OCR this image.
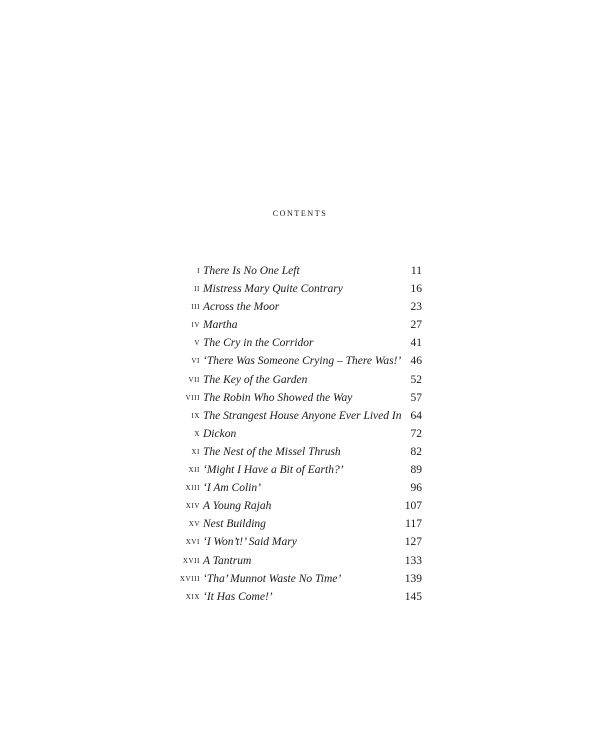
contents
i There Is No One Left	11
ii Mistress Mary Quite Contrary	16
iii Across the Moor	23
iv Martha	27
v The Cry in the Corridor	41
vi ‘There Was Someone Crying – There Was!’ 46
vii The Key of the Garden	52
viii The Robin Who Showed the Way	57
ix The Strangest House Anyone Ever Lived In 64
x Dickon	72
xi The Nest of the Missel Thrush	82
xii ‘Might I Have a Bit of Earth?’	89
xiii ‘I Am Colin’	96
xiv A Young Rajah	107
xv Nest Building	117
xvi ‘I Won’t!’ Said Mary	127
xvii A Tantrum	133
xviii ‘Tha’ Munnot Waste No Time’	139
xix ‘It Has Come!’	145
